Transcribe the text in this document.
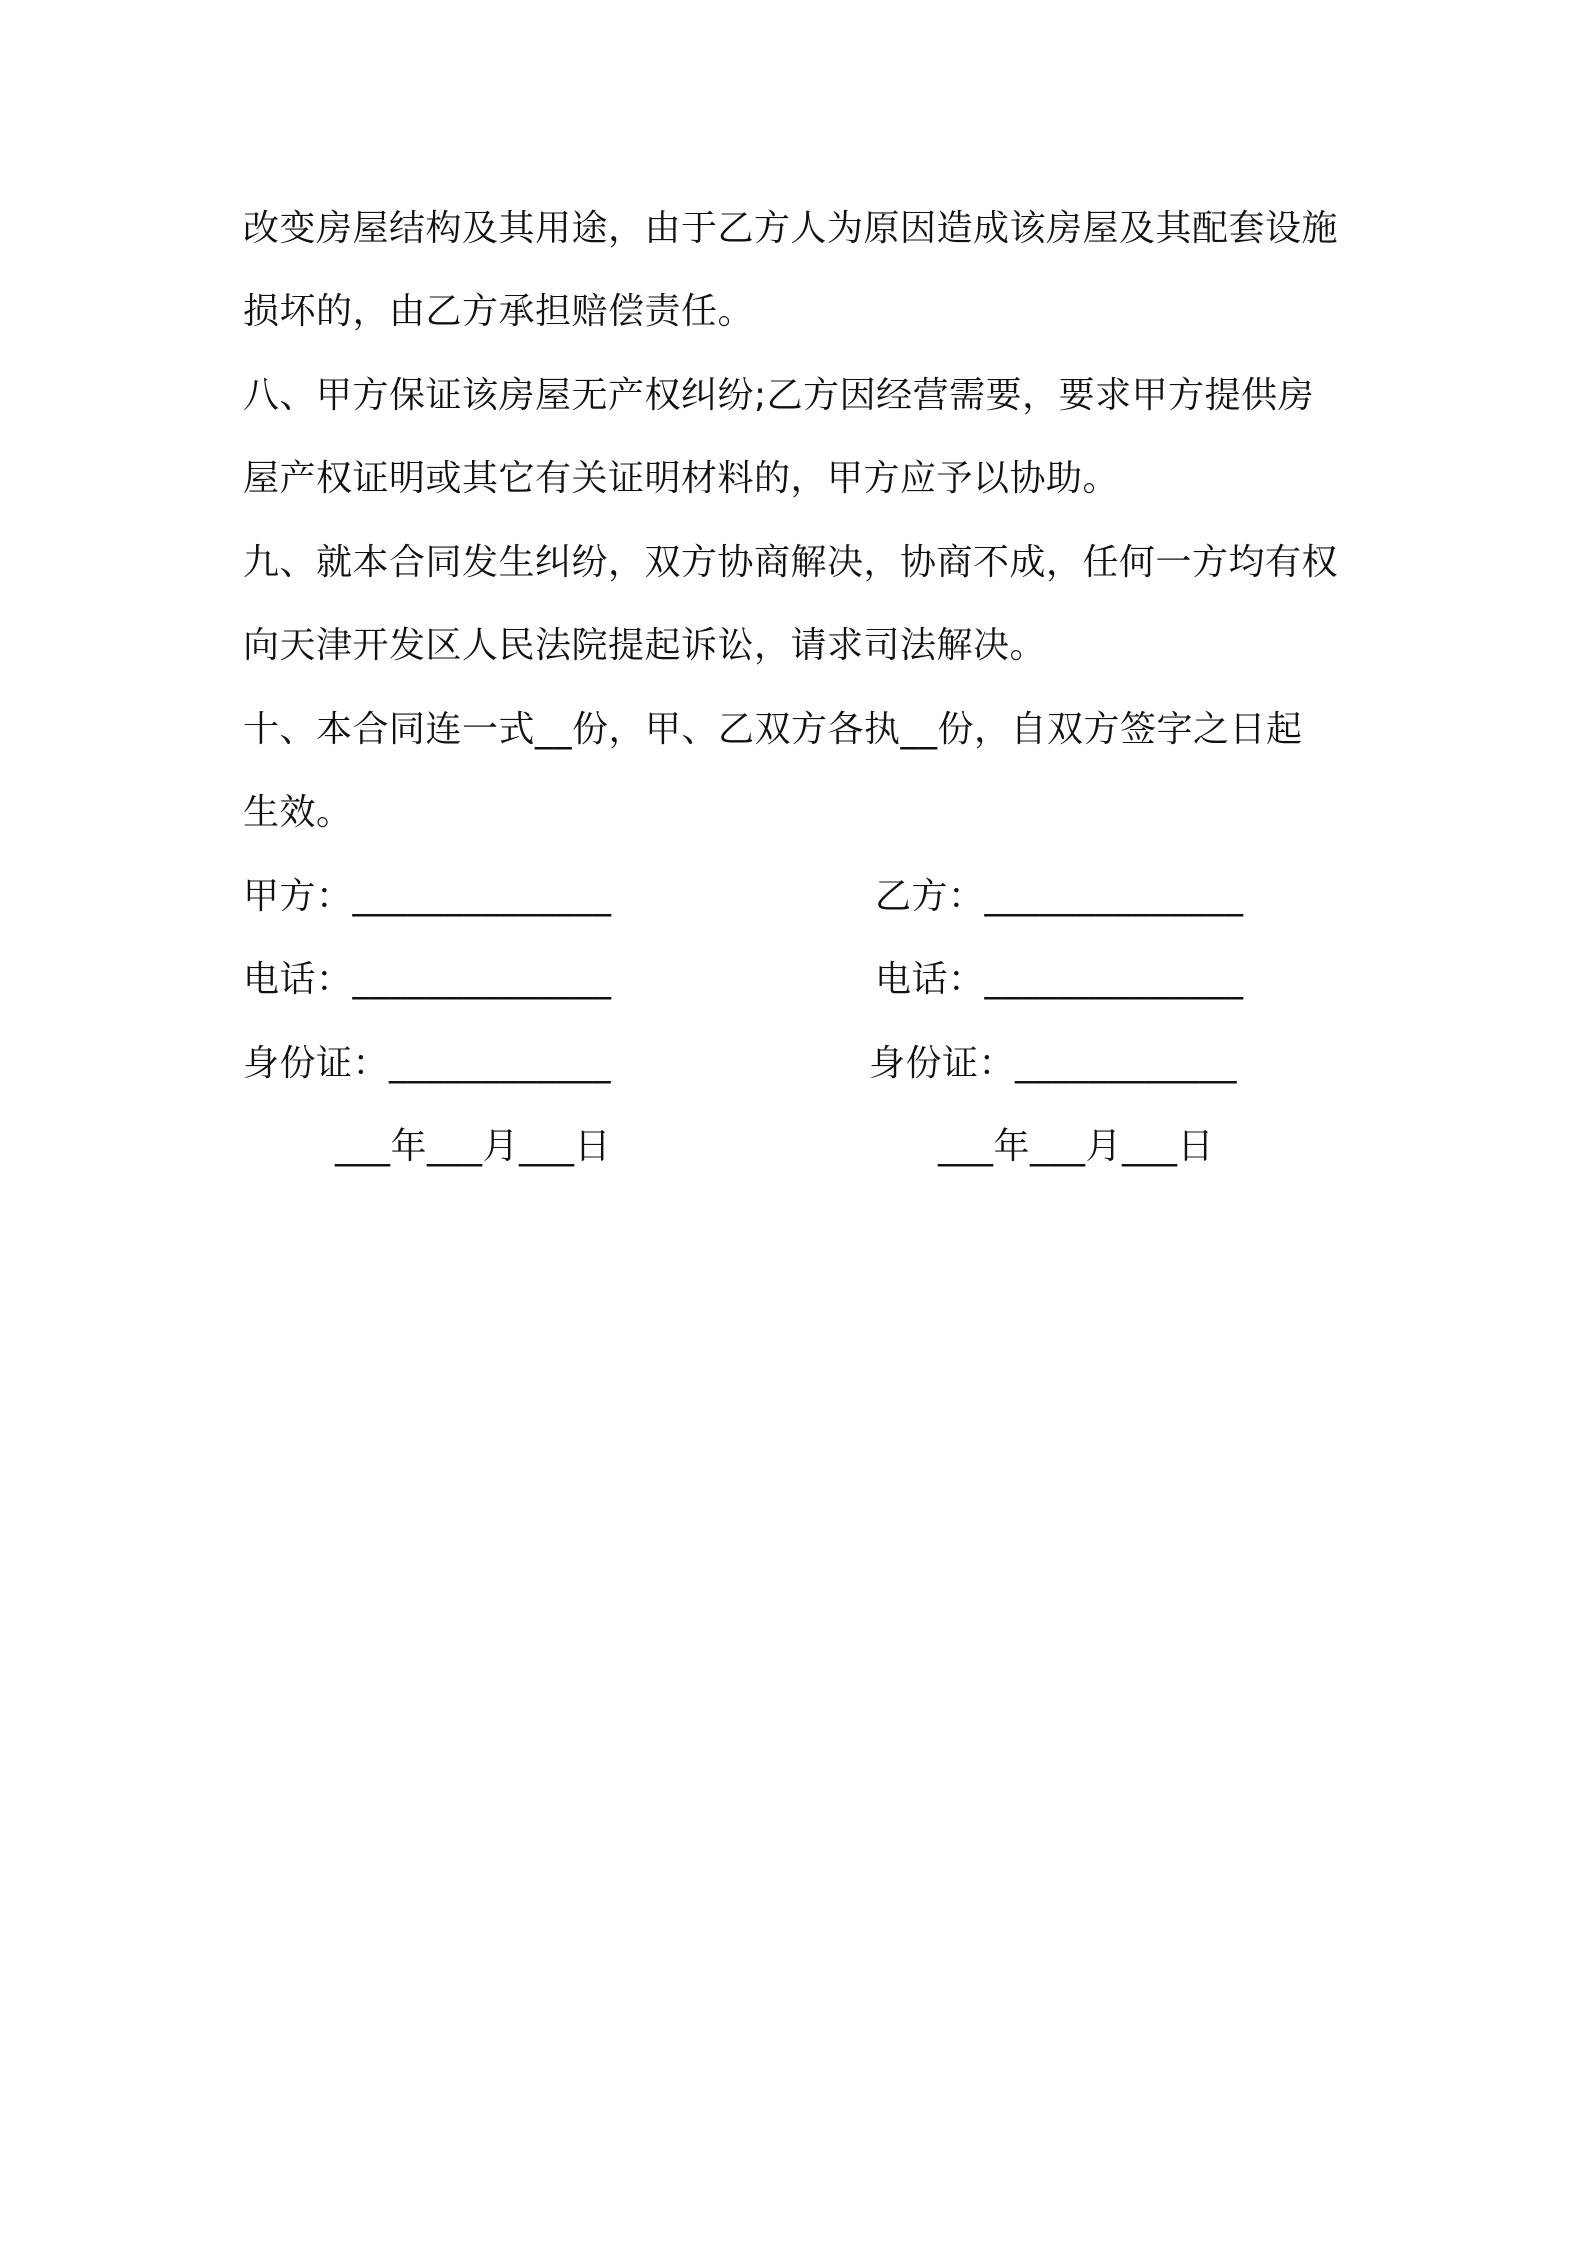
改变房屋结构及其用途，由于乙方人为原因造成该房屋及其配套设施
损坏的，由乙方承担赔偿责任。
八、甲方保证该房屋无产权纠纷;乙方因经营需要，要求甲方提供房
屋产权证明或其它有关证明材料的，甲方应予以协助。
九、就本合同发生纠纷，双方协商解决，协商不成，任何一方均有权
向天津开发区人民法院提起诉讼，请求司法解决。
十、本合同连一式__份，甲、乙双方各执__份，自双方签字之日起
生效。
甲方：______________	乙方：______________
电话：______________	电话：______________
身份证：____________	身份证：____________
___年___月___日	___年___月___日
